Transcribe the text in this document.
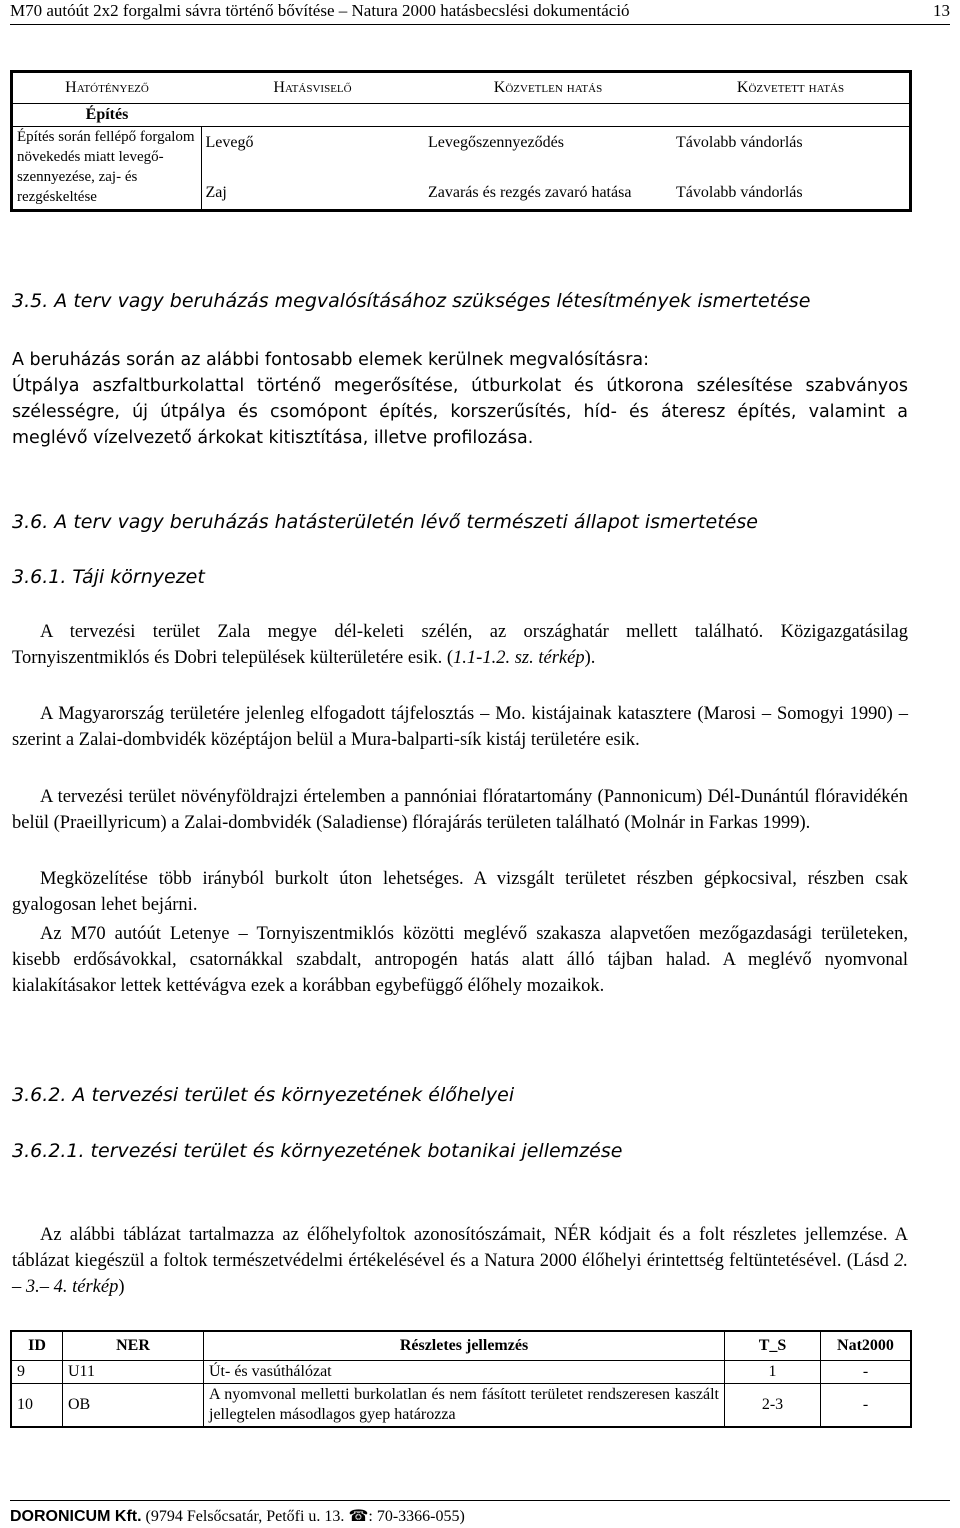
M70 autóút 2x2 forgalmi sávra történő bővítése – Natura 2000 hatásbecslési dokumentáció	13
Hatótényező	Hatásviselő	Közvetlen hatás	Közvetett hatás
Építés			
Építés során fellépő forgalom növekedés miatt levegő-szennyezése, zaj- és rezgéskeltése	Levegő	Levegőszennyeződés	Távolabb vándorlás
	Zaj	Zavarás és rezgés zavaró hatása	Távolabb vándorlás
3.5. A terv vagy beruházás megvalósításához szükséges létesítmények ismertetése
A beruházás során az alábbi fontosabb elemek kerülnek megvalósításra:
Útpálya aszfaltburkolattal történő megerősítése, útburkolat és útkorona szélesítése szabványos szélességre, új útpálya és csomópont építés, korszerűsítés, híd- és áteresz építés, valamint a meglévő vízelvezető árkokat kitisztítása, illetve profilozása.
3.6. A terv vagy beruházás hatásterületén lévő természeti állapot ismertetése
3.6.1. Táji környezet
A tervezési terület Zala megye dél-keleti szélén, az országhatár mellett található. Közigazgatásilag Tornyiszentmiklós és Dobri települések külterületére esik. (1.1-1.2. sz. térkép).
A Magyarország területére jelenleg elfogadott tájfelosztás – Mo. kistájainak katasztere (Marosi – Somogyi 1990) – szerint a Zalai-dombvidék középtájon belül a Mura-balparti-sík kistáj területére esik.
A tervezési terület növényföldrajzi értelemben a pannóniai flóratartomány (Pannonicum) Dél-Dunántúl flóravidékén belül (Praeillyricum) a Zalai-dombvidék (Saladiense) flórajárás területen található (Molnár in Farkas 1999).
Megközelítése több irányból burkolt úton lehetséges. A vizsgált területet részben gépkocsival, részben csak gyalogosan lehet bejárni.
Az M70 autóút Letenye – Tornyiszentmiklós közötti meglévő szakasza alapvetően mezőgazdasági területeken, kisebb erdősávokkal, csatornákkal szabdalt, antropogén hatás alatt álló tájban halad. A meglévő nyomvonal kialakításakor lettek kettévágva ezek a korábban egybefüggő élőhely mozaikok.
3.6.2. A tervezési terület és környezetének élőhelyei
3.6.2.1. tervezési terület és környezetének botanikai jellemzése
Az alábbi táblázat tartalmazza az élőhelyfoltok azonosítószámait, NÉR kódjait és a folt részletes jellemzése. A táblázat kiegészül a foltok természetvédelmi értékelésével és a Natura 2000 élőhelyi érintettség feltüntetésével. (Lásd 2. – 3.– 4. térkép)
ID	NER	Részletes jellemzés	T_S	Nat2000
9	U11	Út- és vasúthálózat	1	-
10	OB	A nyomvonal melletti burkolatlan és nem fásított területet rendszeresen kaszált jellegtelen másodlagos gyep határozza	2-3	-
DORONICUM Kft. (9794 Felsőcsatár, Petőfi u. 13. ☎: 70-3366-055)
